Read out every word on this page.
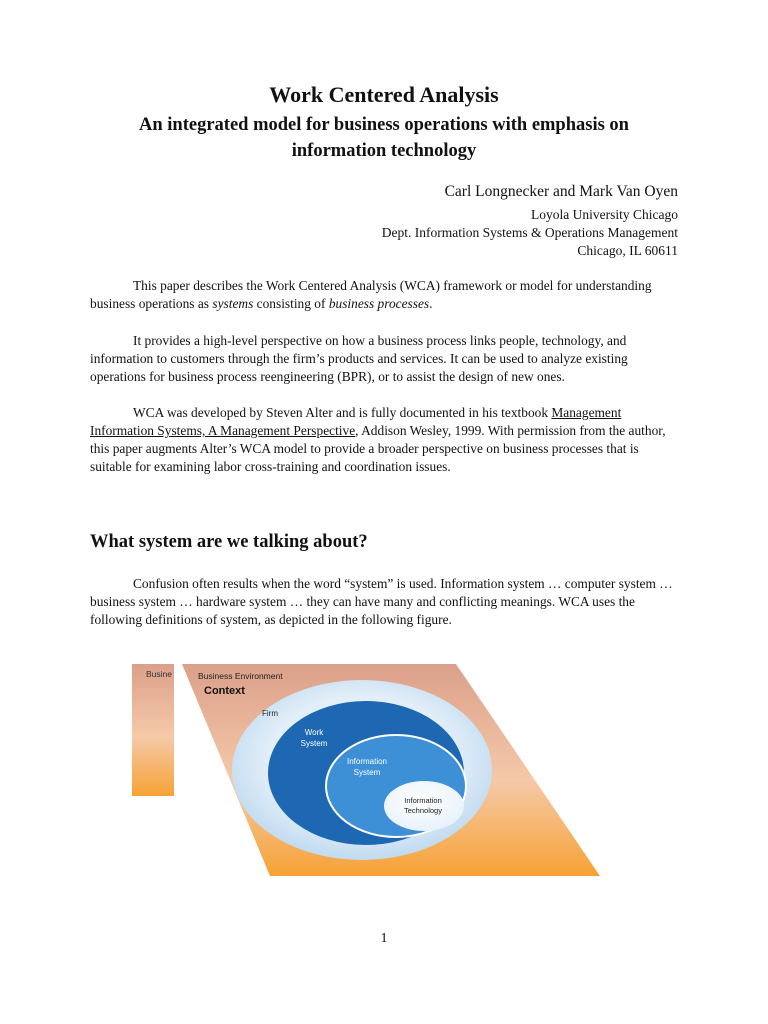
Work Centered Analysis
An integrated model for business operations with emphasis on information technology
Carl Longnecker and Mark Van Oyen
Loyola University Chicago
Dept. Information Systems & Operations Management
Chicago, IL 60611

This paper describes the Work Centered Analysis (WCA) framework or model for understanding business operations as systems consisting of business processes.

It provides a high-level perspective on how a business process links people, technology, and information to customers through the firm’s products and services. It can be used to analyze existing operations for business process reengineering (BPR), or to assist the design of new ones.

WCA was developed by Steven Alter and is fully documented in his textbook Management Information Systems, A Management Perspective, Addison Wesley, 1999. With permission from the author, this paper augments Alter’s WCA model to provide a broader perspective on business processes that is suitable for examining labor cross-training and coordination issues.

What system are we talking about?

Confusion often results when the word “system” is used. Information system … computer system … business system … hardware system … they can have many and conflicting meanings. WCA uses the following definitions of system, as depicted in the following figure.

Busine	Business Environment
Context
Firm
Work
System
Information
System
Information
Technology
1
